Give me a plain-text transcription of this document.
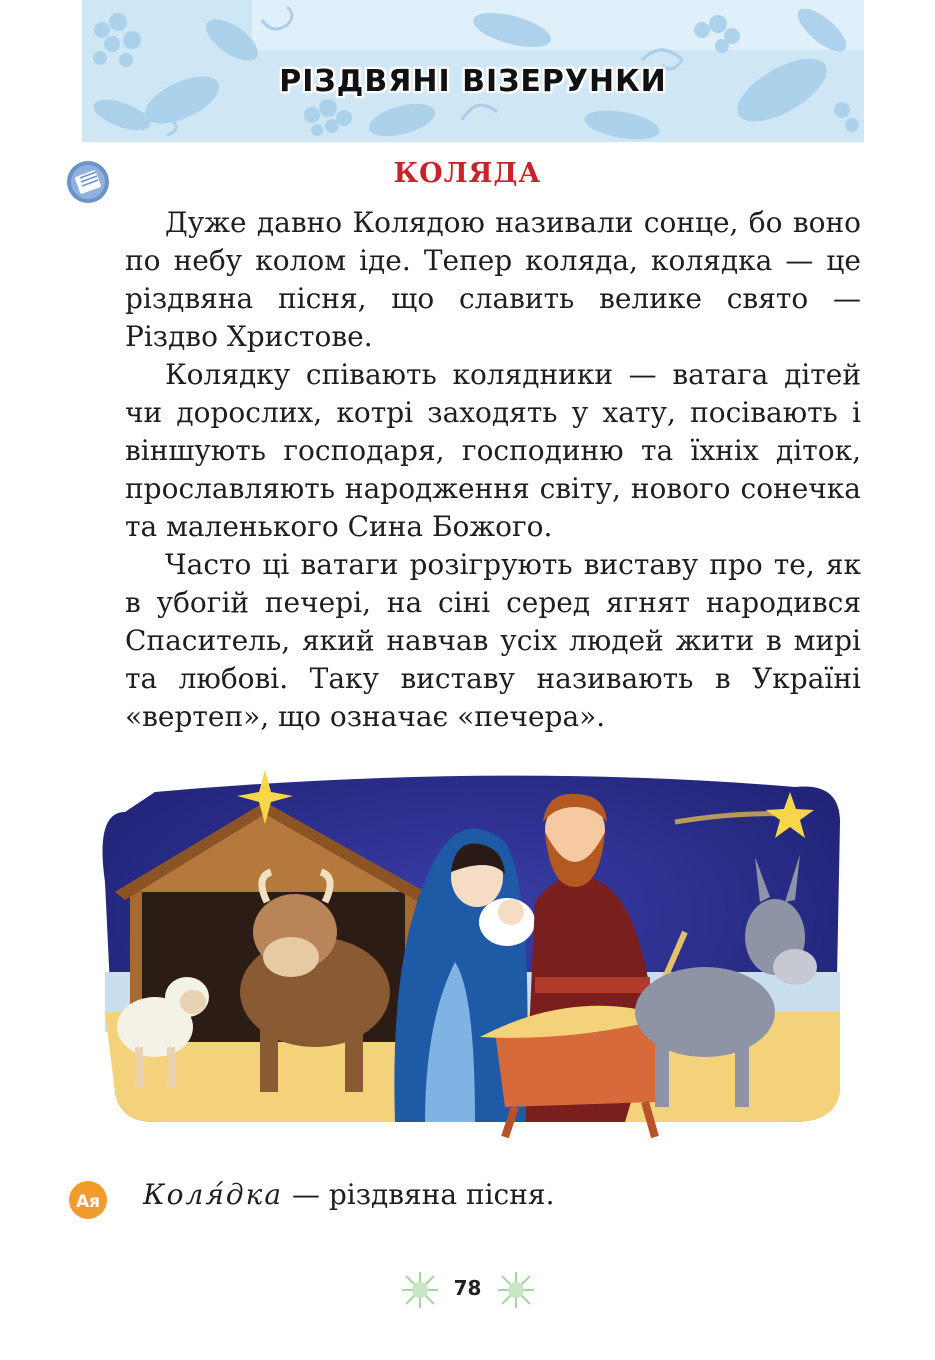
РІЗДВЯНІ ВІЗЕРУНКИ
КОЛЯДА

Дуже давно Колядою називали сонце, бо воно по небу колом іде. Тепер коляда, колядка — це різдвяна пісня, що славить велике свято — Різдво Христове.

Колядку співають колядники — ватага дітей чи дорослих, котрі заходять у хату, посівають і віншують господаря, господиню та їхніх діток, прославляють народження світу, нового сонечка та маленького Сина Божого.

Часто ці ватаги розігрують виставу про те, як в убогій печері, на сіні серед ягнят народився Спаситель, який навчав усіх людей жити в мирі та любові. Таку виставу називають в Україні «вертеп», що означає «печера».

Ая Коля́дка — різдвяна пісня.
78
